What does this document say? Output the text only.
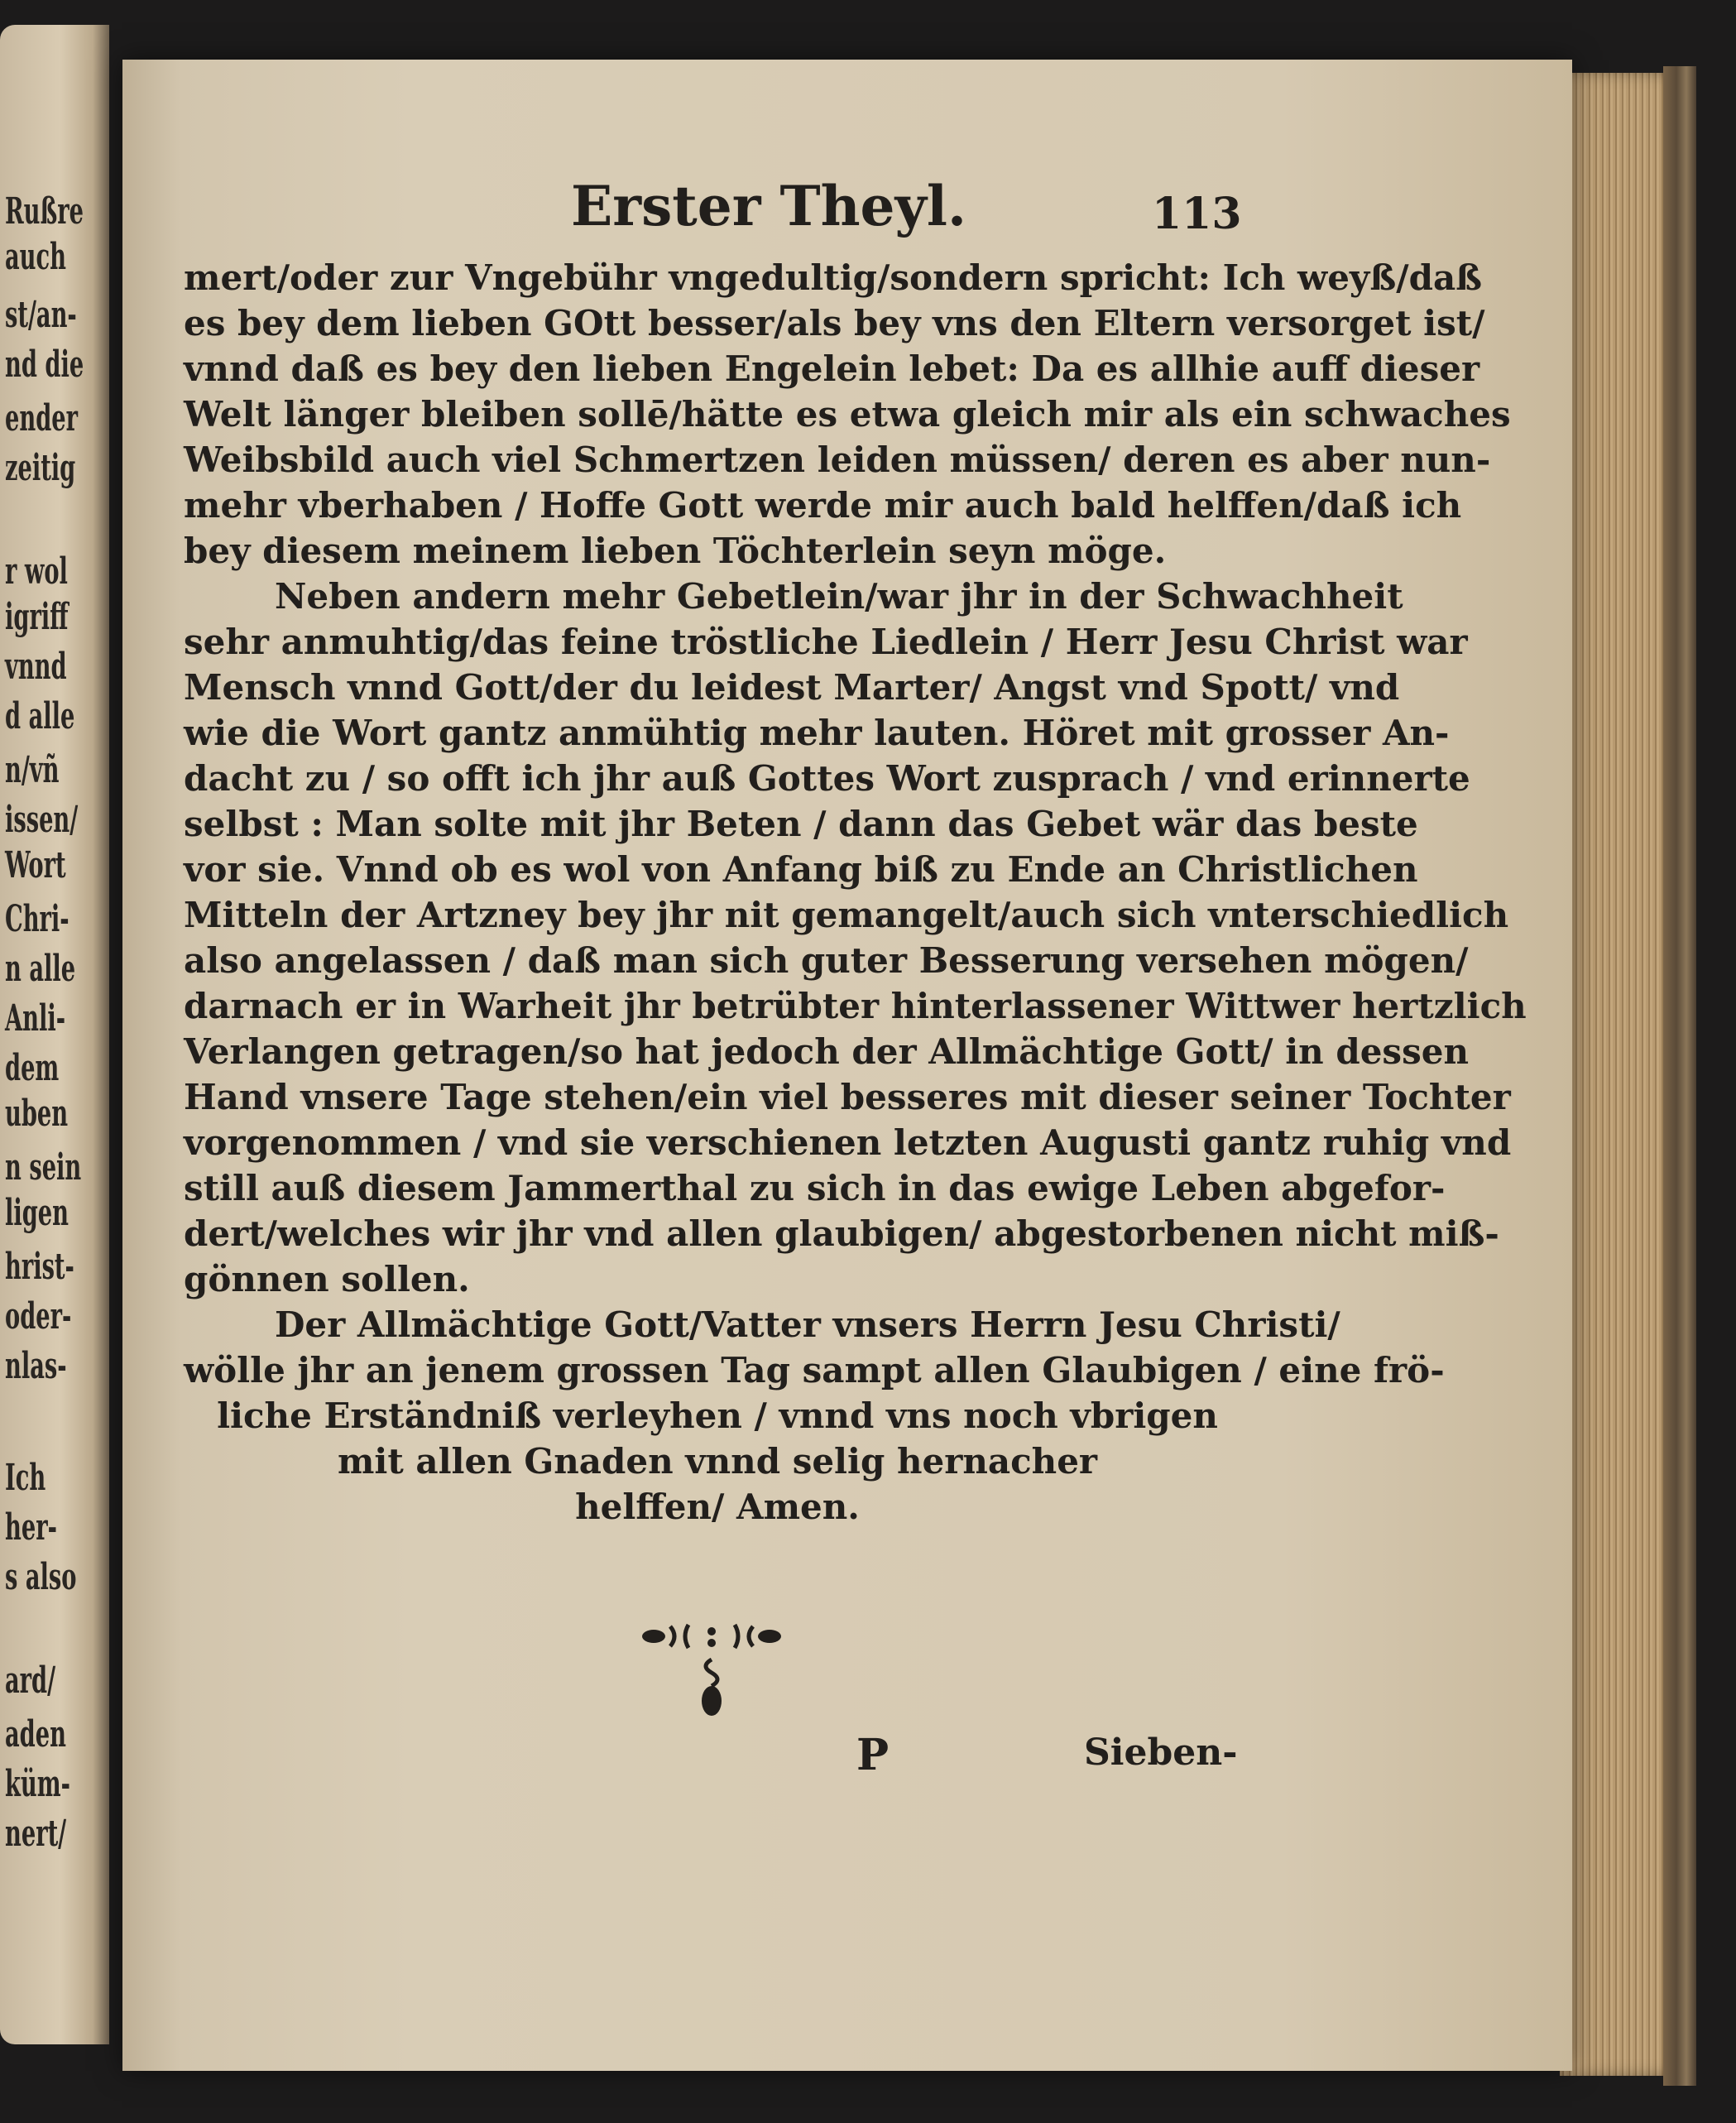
Rußre
auch
st/an-
nd die
ender
zeitig
r wol
igriff
vnnd
d alle
n/vñ
issen/
Wort
Chri-
n alle
Anli-
dem
uben
n sein
ligen
hrist-
oder-
nlas-
Ich
her-
s also
ard/
aden
küm-
nert/
Erster Theyl.	113
mert/oder zur Vngebühr vngedultig/sondern spricht: Ich weyß/daß
es bey dem lieben GOtt besser/als bey vns den Eltern versorget ist/
vnnd daß es bey den lieben Engelein lebet: Da es allhie auff dieser
Welt länger bleiben sollē/hätte es etwa gleich mir als ein schwaches
Weibsbild auch viel Schmertzen leiden müssen/ deren es aber nun-
mehr vberhaben / Hoffe Gott werde mir auch bald helffen/daß ich
bey diesem meinem lieben Töchterlein seyn möge.
Neben andern mehr Gebetlein/war jhr in der Schwachheit
sehr anmuhtig/das feine tröstliche Liedlein / Herr Jesu Christ war
Mensch vnnd Gott/der du leidest Marter/ Angst vnd Spott/ vnd
wie die Wort gantz anmühtig mehr lauten. Höret mit grosser An-
dacht zu / so offt ich jhr auß Gottes Wort zusprach / vnd erinnerte
selbst : Man solte mit jhr Beten / dann das Gebet wär das beste
vor sie. Vnnd ob es wol von Anfang biß zu Ende an Christlichen
Mitteln der Artzney bey jhr nit gemangelt/auch sich vnterschiedlich
also angelassen / daß man sich guter Besserung versehen mögen/
darnach er in Warheit jhr betrübter hinterlassener Wittwer hertzlich
Verlangen getragen/so hat jedoch der Allmächtige Gott/ in dessen
Hand vnsere Tage stehen/ein viel besseres mit dieser seiner Tochter
vorgenommen / vnd sie verschienen letzten Augusti gantz ruhig vnd
still auß diesem Jammerthal zu sich in das ewige Leben abgefor-
dert/welches wir jhr vnd allen glaubigen/ abgestorbenen nicht miß-
gönnen sollen.
Der Allmächtige Gott/Vatter vnsers Herrn Jesu Christi/
wölle jhr an jenem grossen Tag sampt allen Glaubigen / eine frö-
liche Erständniß verleyhen / vnnd vns noch vbrigen
mit allen Gnaden vnnd selig hernacher
helffen/ Amen.
P	Sieben-
